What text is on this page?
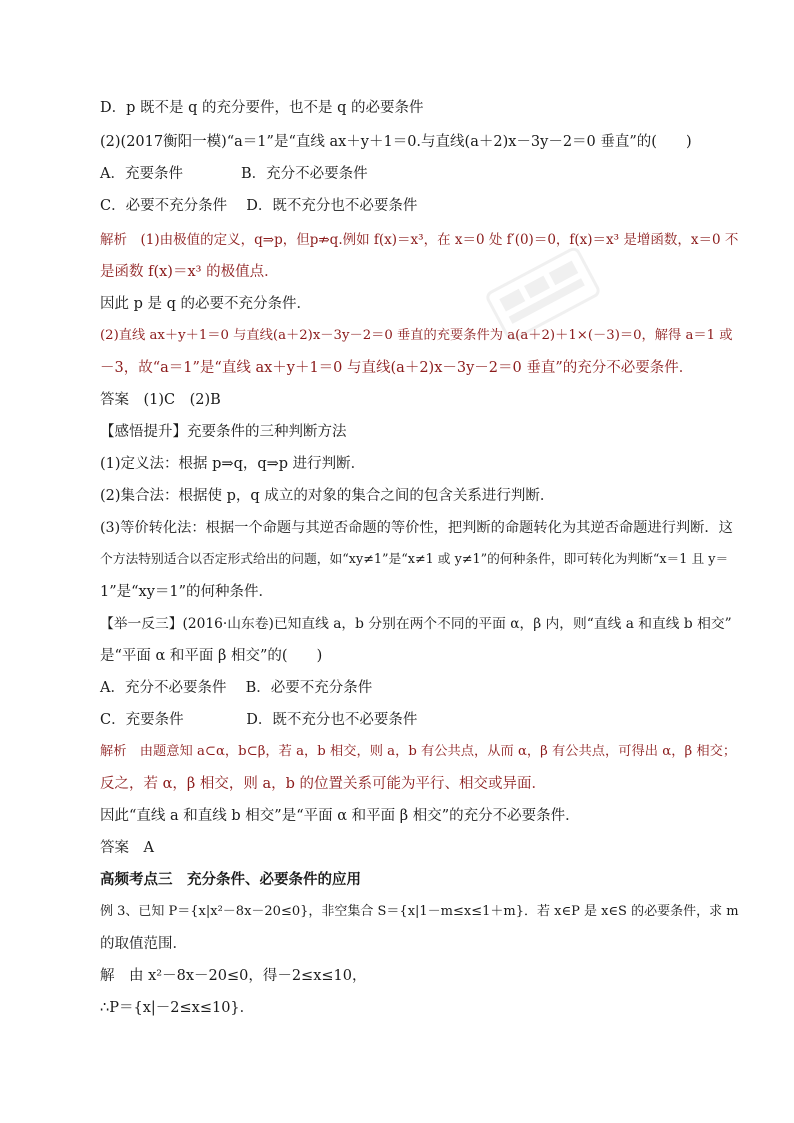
D．p 既不是 q 的充分要件，也不是 q 的必要条件
(2)(2017衡阳一模)“a＝1”是“直线 ax＋y＋1＝0.与直线(a＋2)x－3y－2＝0 垂直”的(　　)
A．充要条件　　　　B．充分不必要条件
C．必要不充分条件　 D．既不充分也不必要条件
解析　(1)由极值的定义，q⇒p，但p⇏q.例如 f(x)＝x³，在 x＝0 处 f′(0)＝0，f(x)＝x³ 是增函数，x＝0 不
是函数 f(x)＝x³ 的极值点．
因此 p 是 q 的必要不充分条件．
(2)直线 ax＋y＋1＝0 与直线(a＋2)x－3y－2＝0 垂直的充要条件为 a(a＋2)＋1×(－3)＝0，解得 a＝1 或
－3，故“a＝1”是“直线 ax＋y＋1＝0 与直线(a＋2)x－3y－2＝0 垂直”的充分不必要条件．
答案　(1)C　(2)B
【感悟提升】充要条件的三种判断方法
(1)定义法：根据 p⇒q，q⇒p 进行判断．
(2)集合法：根据使 p，q 成立的对象的集合之间的包含关系进行判断．
(3)等价转化法：根据一个命题与其逆否命题的等价性，把判断的命题转化为其逆否命题进行判断．这
个方法特别适合以否定形式给出的问题，如“xy≠1”是“x≠1 或 y≠1”的何种条件，即可转化为判断“x＝1 且 y＝
1”是“xy＝1”的何种条件．
【举一反三】(2016·山东卷)已知直线 a，b 分别在两个不同的平面 α，β 内，则“直线 a 和直线 b 相交”
是“平面 α 和平面 β 相交”的(　　)
A．充分不必要条件　 B．必要不充分条件
C．充要条件　　　　 D．既不充分也不必要条件
解析　由题意知 a⊂α，b⊂β，若 a，b 相交，则 a，b 有公共点，从而 α，β 有公共点，可得出 α，β 相交；
反之，若 α，β 相交，则 a，b 的位置关系可能为平行、相交或异面．
因此“直线 a 和直线 b 相交”是“平面 α 和平面 β 相交”的充分不必要条件．
答案　A
高频考点三　充分条件、必要条件的应用
例 3、已知 P＝{x|x²－8x－20≤0}，非空集合 S＝{x|1－m≤x≤1＋m}．若 x∈P 是 x∈S 的必要条件，求 m
的取值范围．
解　由 x²－8x－20≤0，得－2≤x≤10，
∴P＝{x|－2≤x≤10}．
